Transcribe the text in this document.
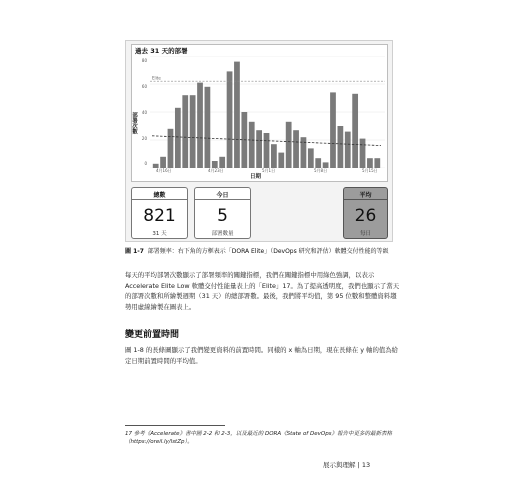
過去 31 天的部署
部署次數
80
60
40
20
0
Elite
4月16日	4月23日	5月1日	5月8日	5月15日
日期
總數
821
31 天
今日
5
部署數量
平均
26
每日
圖 1-7 部署頻率：右下角的方框表示「DORA Elite」（DevOps 研究和評估）軟體交付性能的等級
每天的平均部署次數顯示了部署頻率的關鍵指標，我們在關鍵指標中用綠色強調，以表示 Accelerate Elite Low 軟體交付性能量表上的「Elite」17。為了提高透明度，我們也顯示了當天的部署次數和所繪製週期（31 天）的總部署數。最後，我們將平均值，第 95 位數和整體資料趨勢用虛線繪製在圖表上。
變更前置時間
圖 1-8 的長條圖顯示了我們變更資料的前置時間。同樣的 x 軸為日期，現在長條在 y 軸的值為給定日期前置時間的平均值。
17 參考《Accelerate》書中圖 2-2 和 2-3，以及最近的 DORA《State of DevOps》報告中更多的最新表格（https://oreil.ly/lstZp）。
展示與理解 | 13
